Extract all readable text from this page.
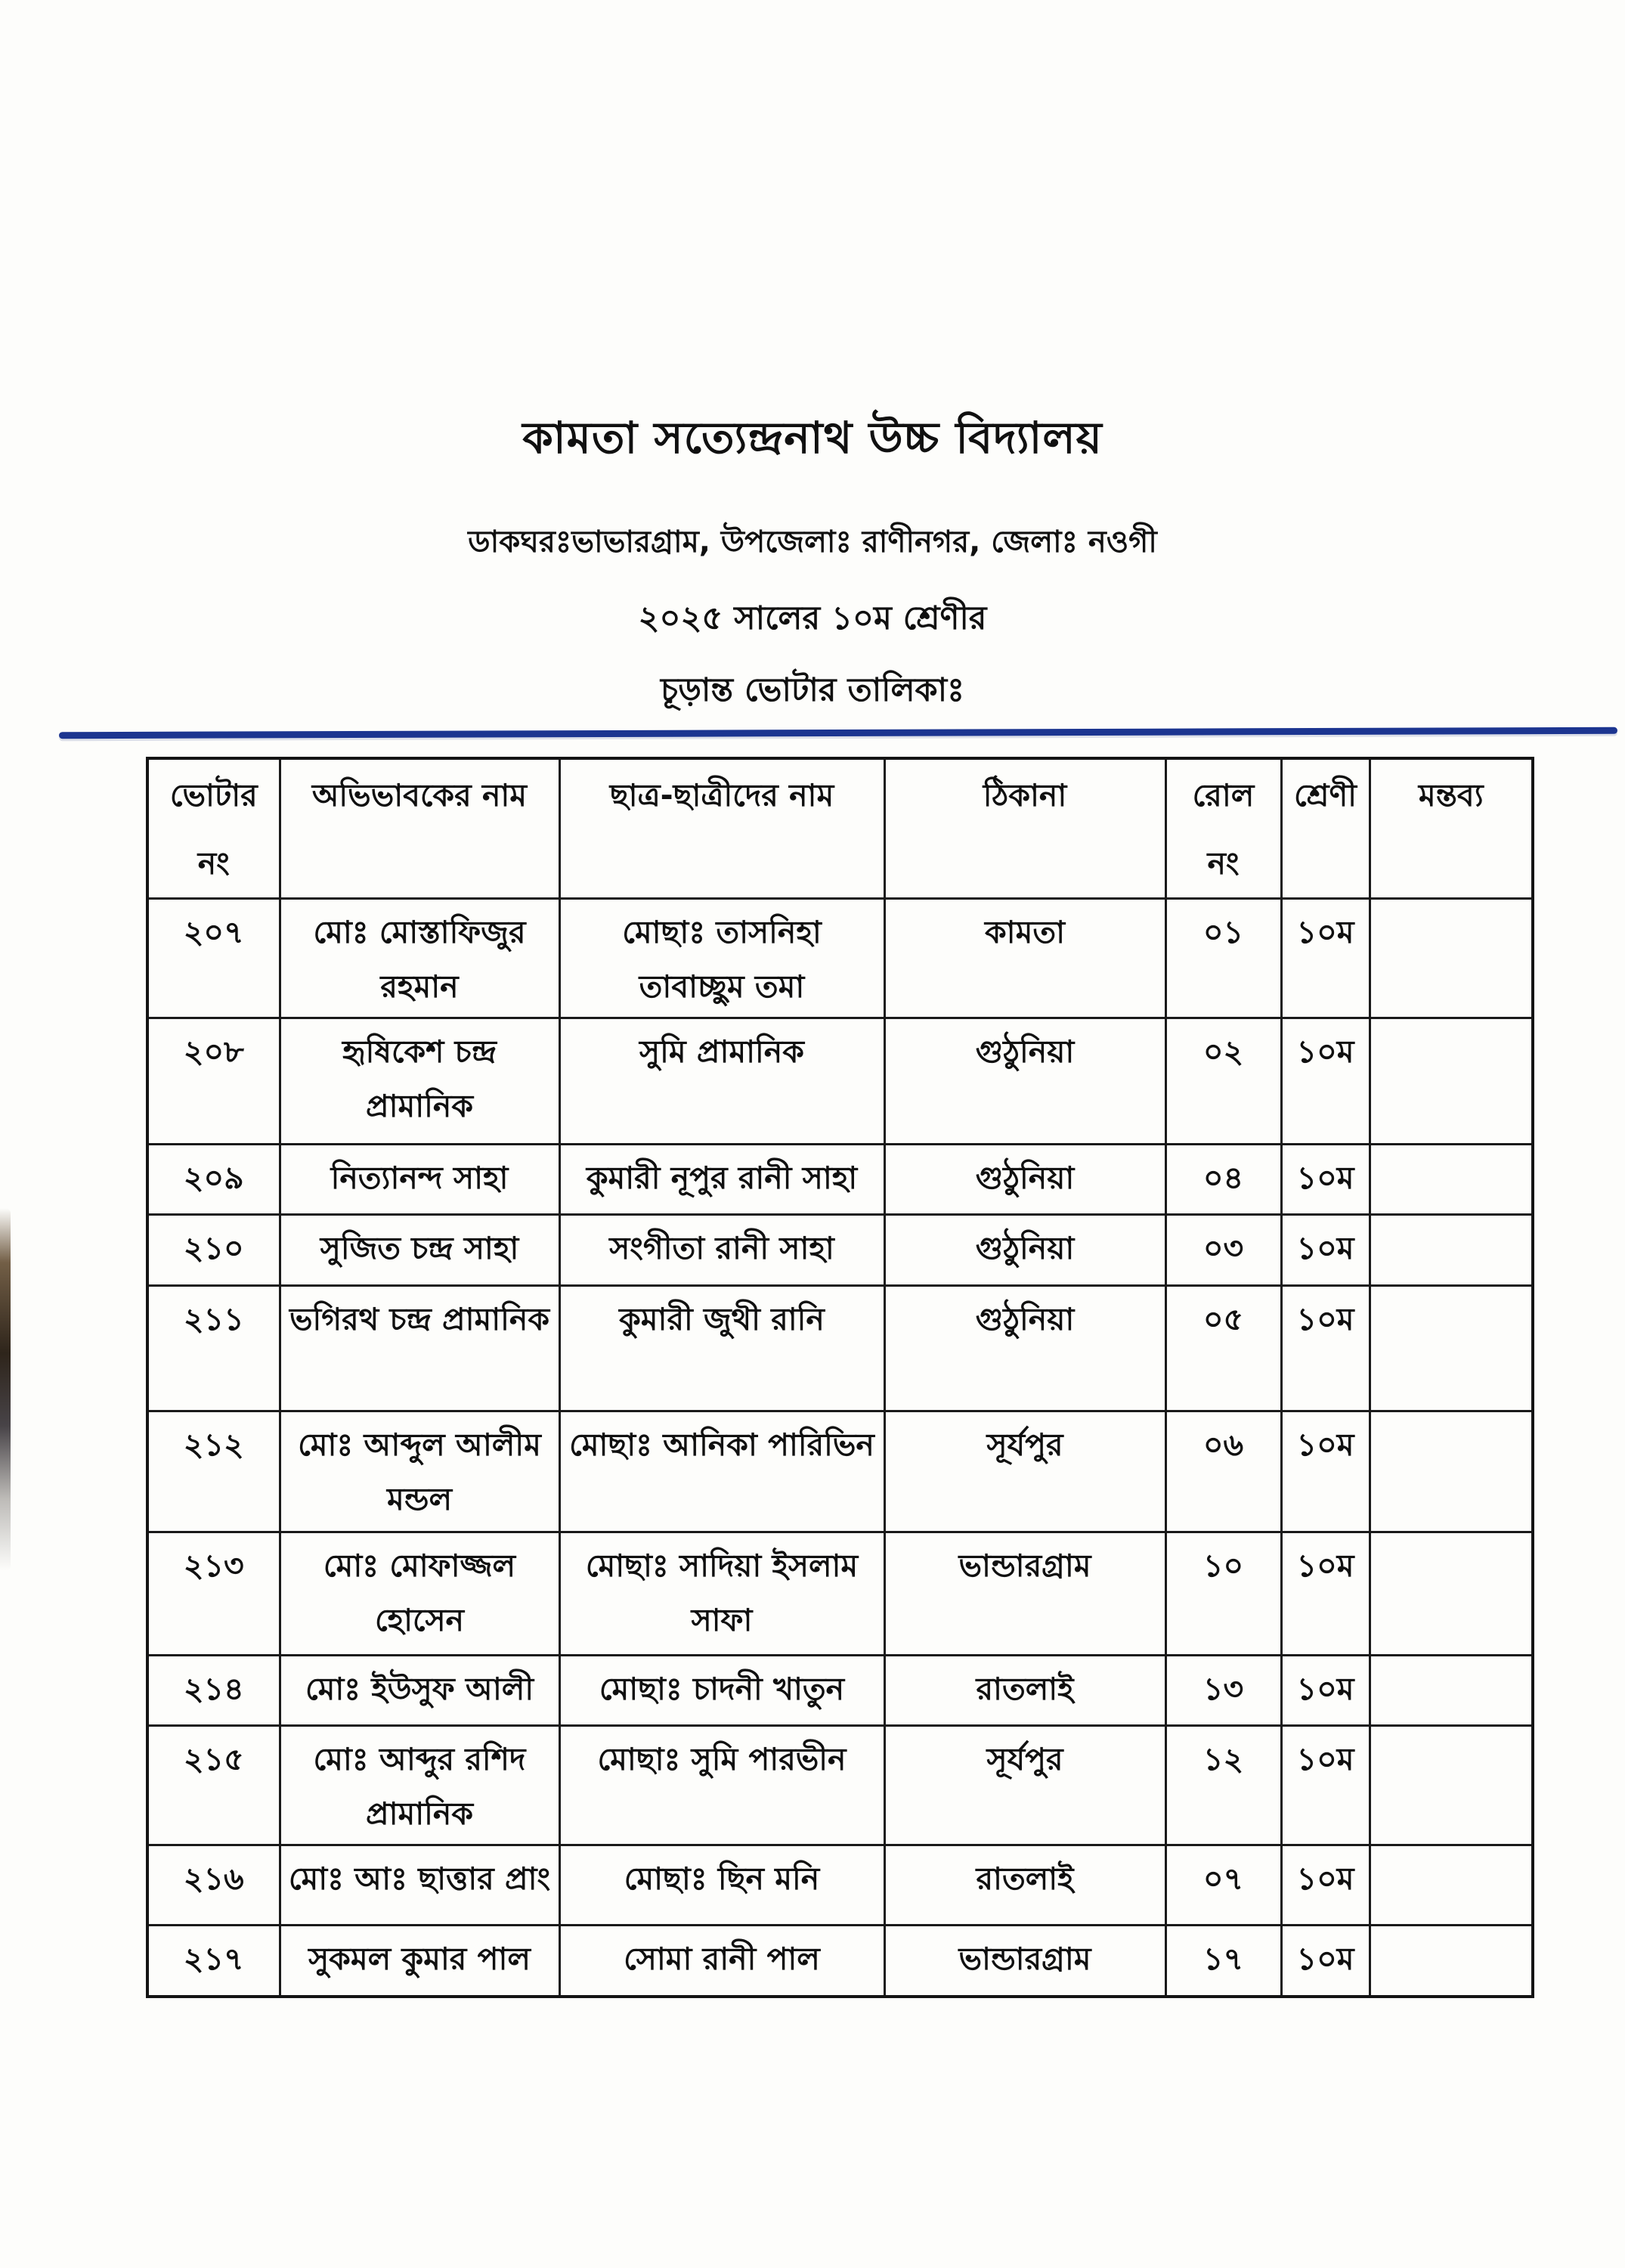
কামতা সত্যেন্দ্রনাথ উচ্চ বিদ্যালয়
ডাকঘরঃভাভারগ্রাম, উপজেলাঃ রাণীনগর, জেলাঃ নওগী
২০২৫ সালের ১০ম শ্রেণীর
চূড়ান্ত ভোটার তালিকাঃ
ভোটার নং	অভিভাবকের নাম	ছাত্র-ছাত্রীদের নাম	ঠিকানা	রোল নং	শ্রেণী	মন্তব্য
২০৭	মোঃ মোস্তাফিজুর রহমান	মোছাঃ তাসনিহা তাবাচ্ছুম তমা	কামতা	০১	১০ম	
২০৮	হৃষিকেশ চন্দ্র প্রামানিক	সুমি প্রামানিক	গুঠুনিয়া	০২	১০ম	
২০৯	নিত্যানন্দ সাহা	কুমারী নূপুর রানী সাহা	গুঠুনিয়া	০৪	১০ম	
২১০	সুজিত চন্দ্র সাহা	সংগীতা রানী সাহা	গুঠুনিয়া	০৩	১০ম	
২১১	ভগিরথ চন্দ্র প্রামানিক	কুমারী জুথী রানি	গুঠুনিয়া	০৫	১০ম	
২১২	মোঃ আব্দুল আলীম মন্ডল	মোছাঃ আনিকা পারিভিন	সূর্যপুর	০৬	১০ম	
২১৩	মোঃ মোফাজ্জল হোসেন	মোছাঃ সাদিয়া ইসলাম সাফা	ভান্ডারগ্রাম	১০	১০ম	
২১৪	মোঃ ইউসুফ আলী	মোছাঃ চাদনী খাতুন	রাতলাই	১৩	১০ম	
২১৫	মোঃ আব্দুর রশিদ প্রামানিক	মোছাঃ সুমি পারভীন	সূর্যপুর	১২	১০ম	
২১৬	মোঃ আঃ ছাত্তার প্রাং	মোছাঃ ছিন মনি	রাতলাই	০৭	১০ম	
২১৭	সুকমল কুমার পাল	সোমা রানী পাল	ভান্ডারগ্রাম	১৭	১০ম	
